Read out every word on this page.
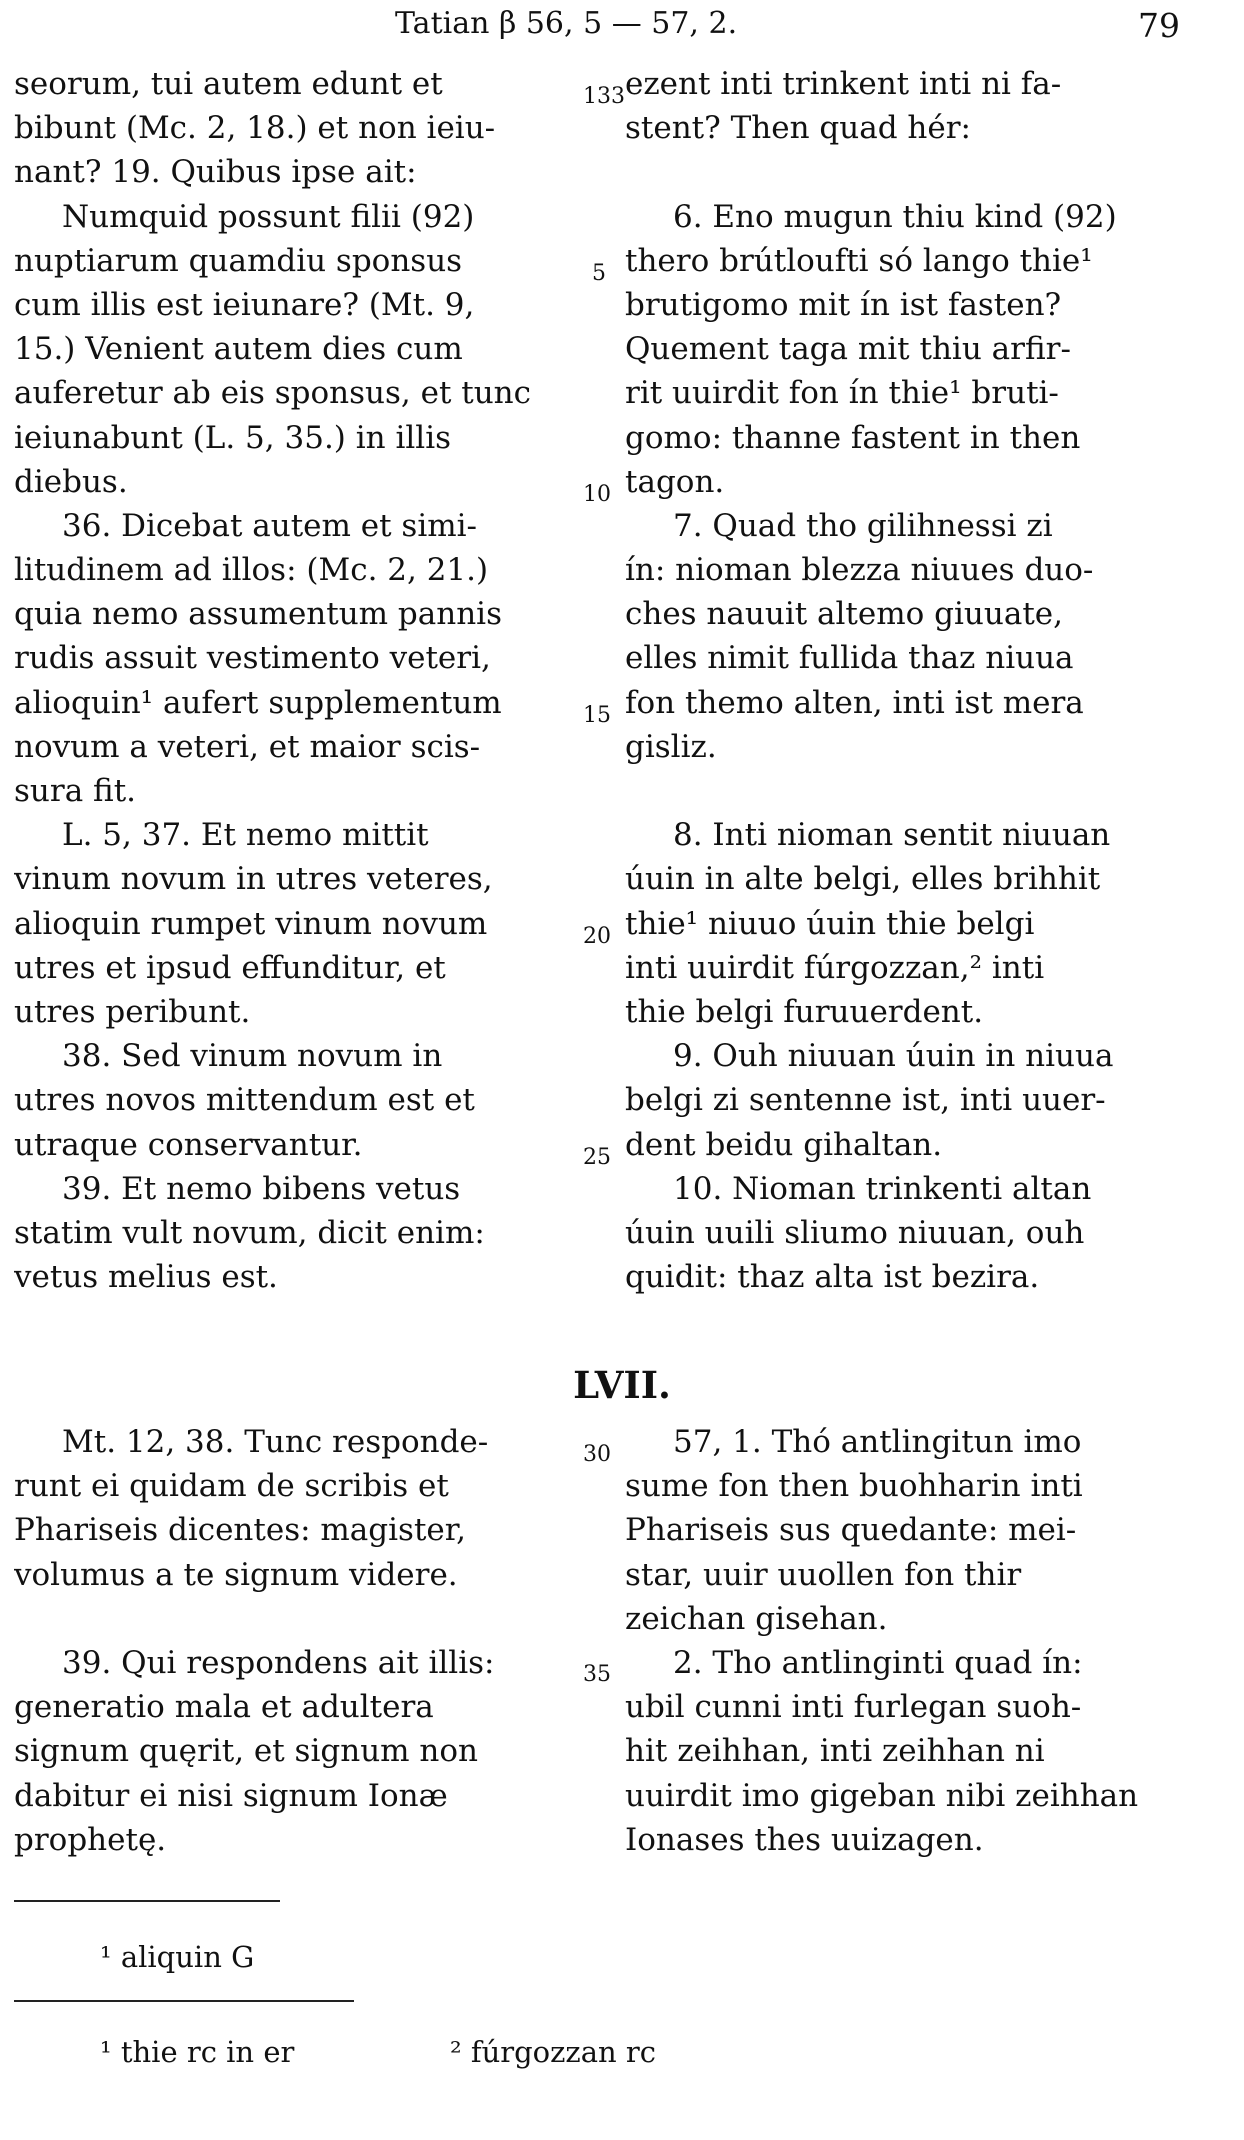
Tatian β 56, 5 — 57, 2.	79
seorum, tui autem edunt et
bibunt (Mc. 2, 18.) et non ieiu-
nant? 19. Quibus ipse ait:
Numquid possunt filii (92)
nuptiarum quamdiu sponsus
cum illis est ieiunare? (Mt. 9,
15.) Venient autem dies cum
auferetur ab eis sponsus, et tunc
ieiunabunt (L. 5, 35.) in illis
diebus.
36. Dicebat autem et simi-
litudinem ad illos: (Mc. 2, 21.)
quia nemo assumentum pannis
rudis assuit vestimento veteri,
alioquin¹ aufert supplementum
novum a veteri, et maior scis-
sura fit.
L. 5, 37. Et nemo mittit
vinum novum in utres veteres,
alioquin rumpet vinum novum
utres et ipsud effunditur, et
utres peribunt.
38. Sed vinum novum in
utres novos mittendum est et
utraque conservantur.
39. Et nemo bibens vetus
statim vult novum, dicit enim:
vetus melius est.
ezent inti trinkent inti ni fa-
stent? Then quad hér:
6. Eno mugun thiu kind (92)
thero brútloufti só lango thie¹
brutigomo mit ín ist fasten?
Quement taga mit thiu arfir-
rit uuirdit fon ín thie¹ bruti-
gomo: thanne fastent in then
tagon.
7. Quad tho gilihnessi zi
ín: nioman blezza niuues duo-
ches nauuit altemo giuuate,
elles nimit fullida thaz niuua
fon themo alten, inti ist mera
gisliz.
8. Inti nioman sentit niuuan
úuin in alte belgi, elles brihhit
thie¹ niuuo úuin thie belgi
inti uuirdit fúrgozzan,² inti
thie belgi furuuerdent.
9. Ouh niuuan úuin in niuua
belgi zi sentenne ist, inti uuer-
dent beidu gihaltan.
10. Nioman trinkenti altan
úuin uuili sliumo niuuan, ouh
quidit: thaz alta ist bezira.
133
5
10
15
20
25
30
35
LVII.
Mt. 12, 38. Tunc responde-
runt ei quidam de scribis et
Phariseis dicentes: magister,
volumus a te signum videre.
39. Qui respondens ait illis:
generatio mala et adultera
signum quęrit, et signum non
dabitur ei nisi signum Ionæ
prophetę.
57, 1. Thó antlingitun imo
sume fon then buohharin inti
Phariseis sus quedante: mei-
star, uuir uuollen fon thir
zeichan gisehan.
2. Tho antlinginti quad ín:
ubil cunni inti furlegan suoh-
hit zeihhan, inti zeihhan ni
uuirdit imo gigeban nibi zeihhan
Ionases thes uuizagen.
¹ aliquin G
¹ thie rc in er	² fúrgozzan rc
